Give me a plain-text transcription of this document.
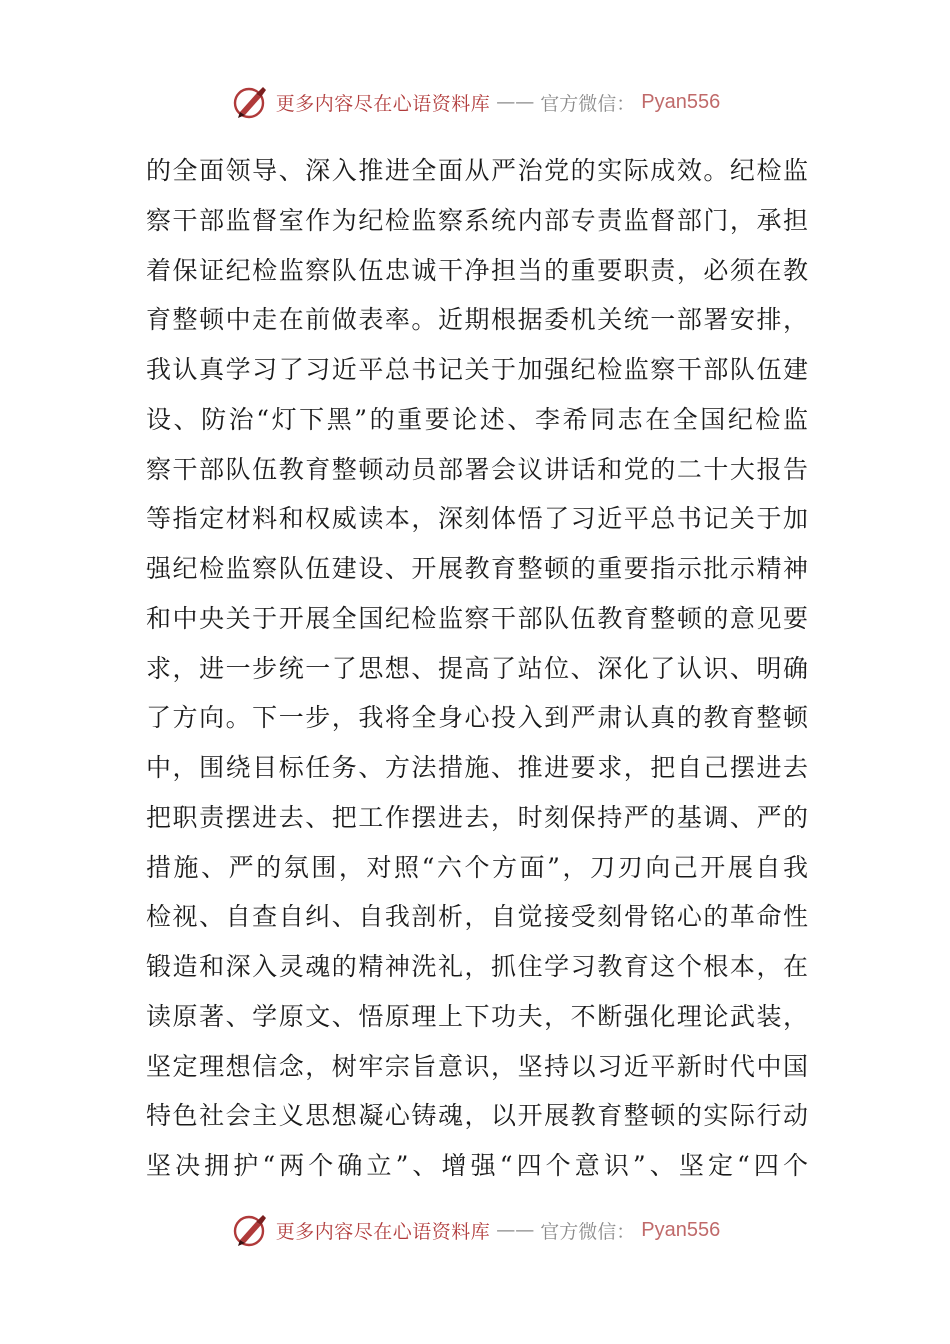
更多内容尽在心语资料库 —— 官方微信： Pyan556
的全面领导、深入推进全面从严治党的实际成效。纪检监
察干部监督室作为纪检监察系统内部专责监督部门，承担
着保证纪检监察队伍忠诚干净担当的重要职责，必须在教
育整顿中走在前做表率。近期根据委机关统一部署安排，
我认真学习了习近平总书记关于加强纪检监察干部队伍建
设、防治“灯下黑”的重要论述、李希同志在全国纪检监
察干部队伍教育整顿动员部署会议讲话和党的二十大报告
等指定材料和权威读本，深刻体悟了习近平总书记关于加
强纪检监察队伍建设、开展教育整顿的重要指示批示精神
和中央关于开展全国纪检监察干部队伍教育整顿的意见要
求，进一步统一了思想、提高了站位、深化了认识、明确
了方向。下一步，我将全身心投入到严肃认真的教育整顿
中，围绕目标任务、方法措施、推进要求，把自己摆进去
把职责摆进去、把工作摆进去，时刻保持严的基调、严的
措施、严的氛围，对照“六个方面”，刀刃向己开展自我
检视、自查自纠、自我剖析，自觉接受刻骨铭心的革命性
锻造和深入灵魂的精神洗礼，抓住学习教育这个根本，在
读原著、学原文、悟原理上下功夫，不断强化理论武装，
坚定理想信念，树牢宗旨意识，坚持以习近平新时代中国
特色社会主义思想凝心铸魂，以开展教育整顿的实际行动
坚决拥护“两个确立”、增强“四个意识”、坚定“四个
更多内容尽在心语资料库 —— 官方微信： Pyan556
